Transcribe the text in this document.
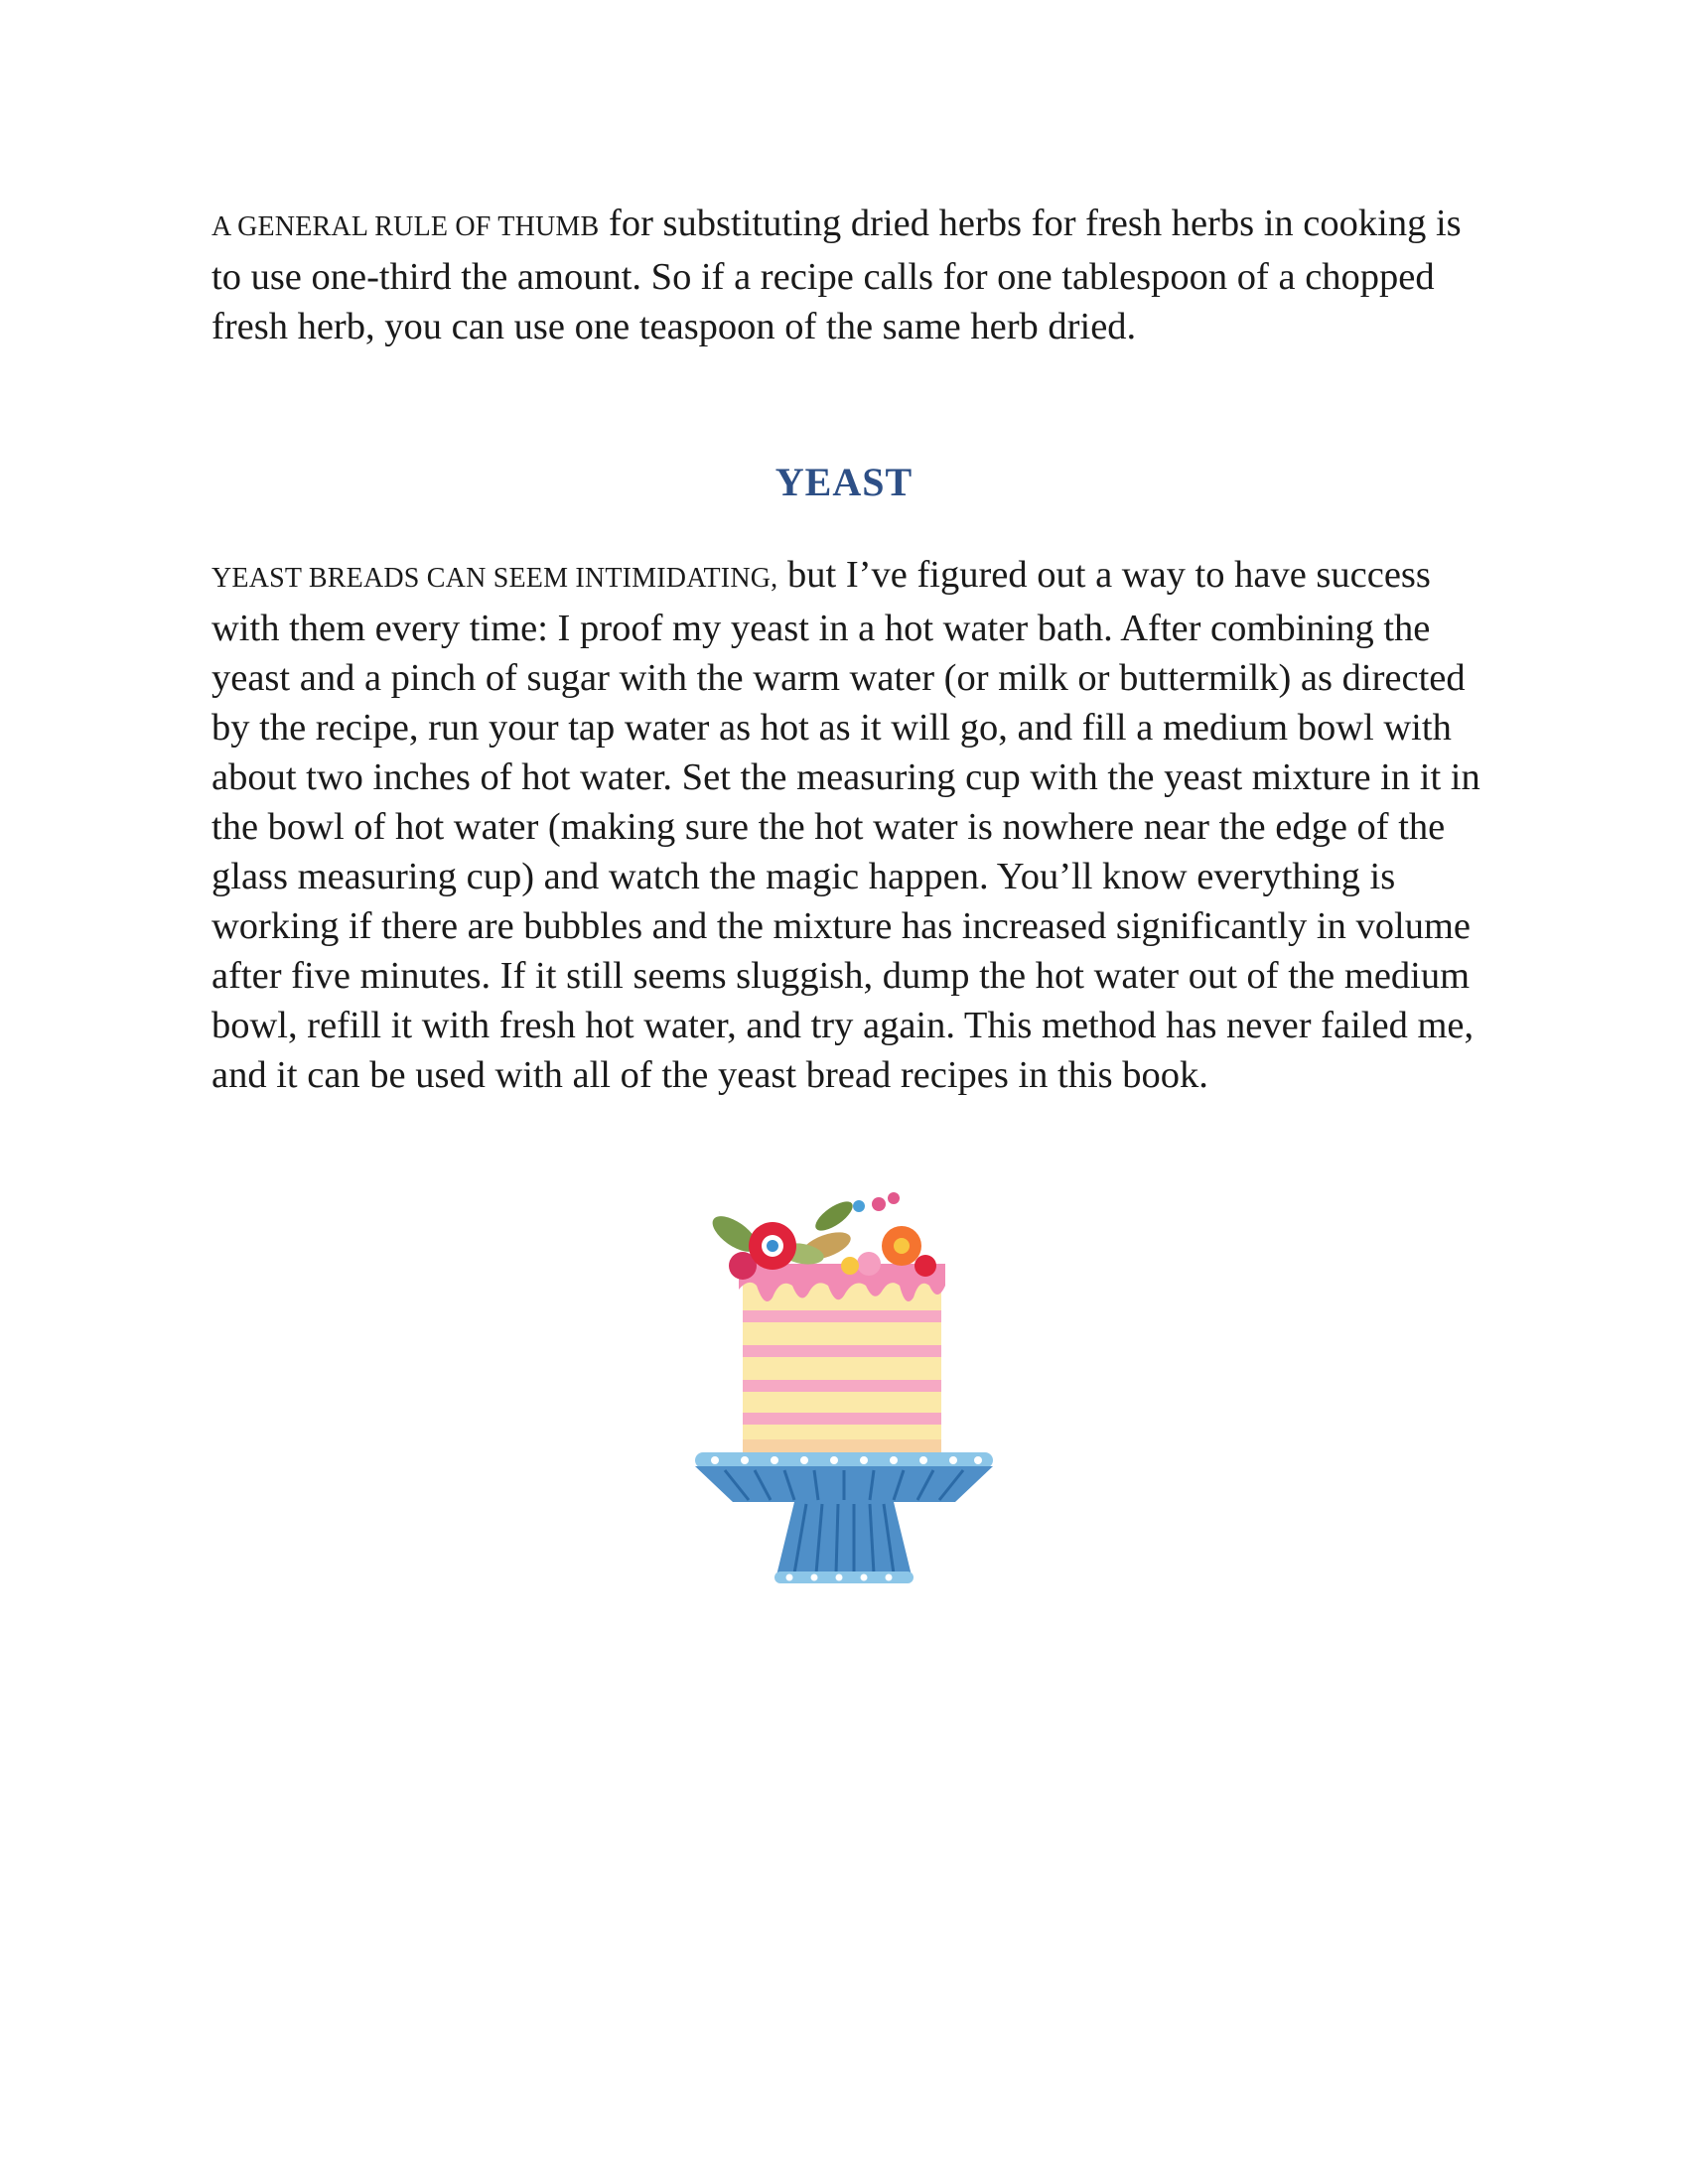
A GENERAL RULE OF THUMB for substituting dried herbs for fresh herbs in cooking is to use one-third the amount. So if a recipe calls for one tablespoon of a chopped fresh herb, you can use one teaspoon of the same herb dried.

YEAST

YEAST BREADS CAN SEEM INTIMIDATING, but I’ve figured out a way to have success with them every time: I proof my yeast in a hot water bath. After combining the yeast and a pinch of sugar with the warm water (or milk or buttermilk) as directed by the recipe, run your tap water as hot as it will go, and fill a medium bowl with about two inches of hot water. Set the measuring cup with the yeast mixture in it in the bowl of hot water (making sure the hot water is nowhere near the edge of the glass measuring cup) and watch the magic happen. You’ll know everything is working if there are bubbles and the mixture has increased significantly in volume after five minutes. If it still seems sluggish, dump the hot water out of the medium bowl, refill it with fresh hot water, and try again. This method has never failed me, and it can be used with all of the yeast bread recipes in this book.
